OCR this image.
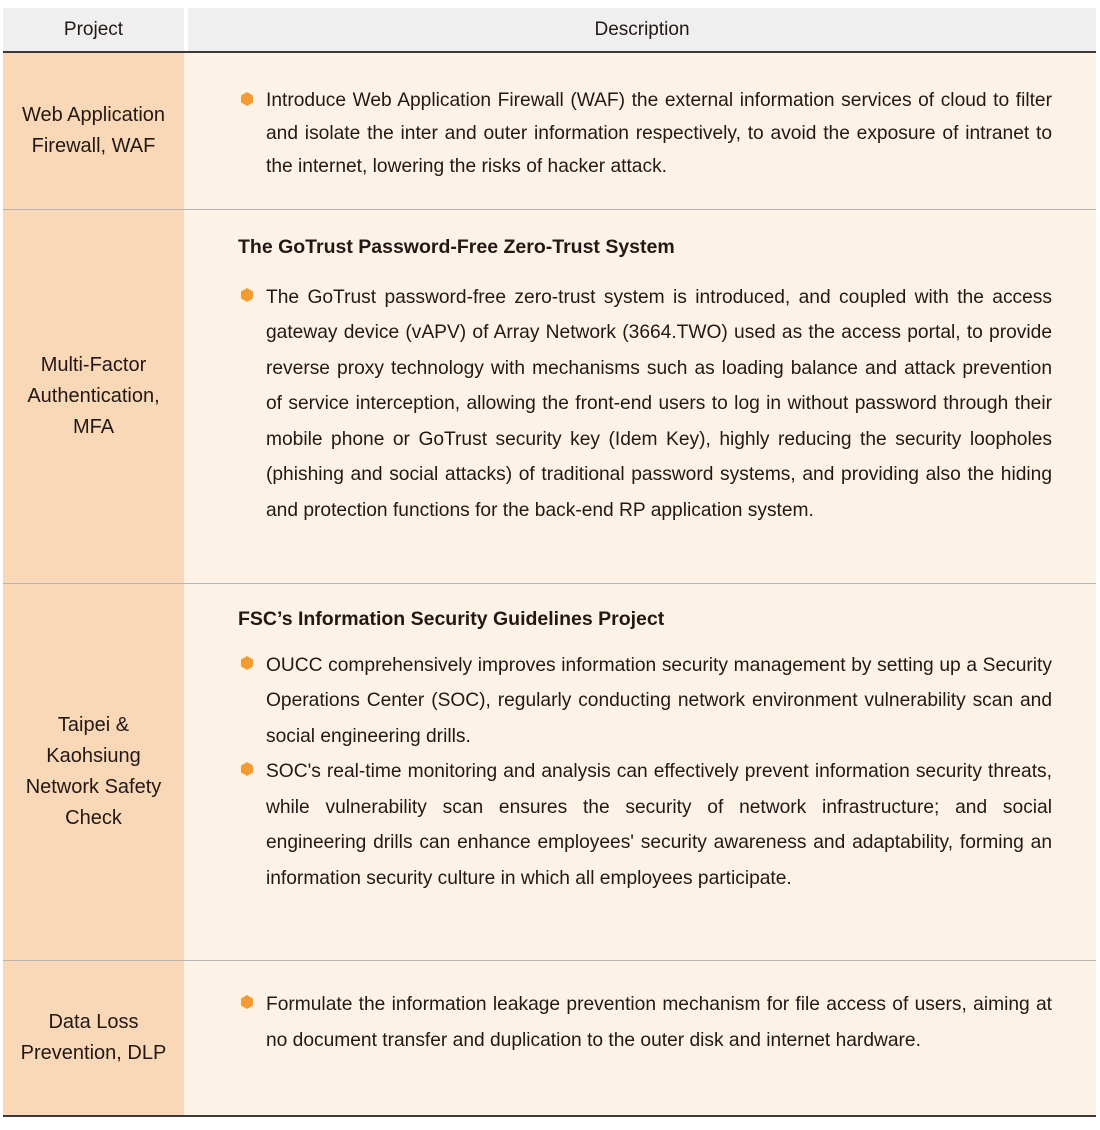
Project	Description
Web Application Firewall, WAF
Introduce Web Application Firewall (WAF) the external information services of cloud to filter and isolate the inter and outer information respectively, to avoid the exposure of intranet to the internet, lowering the risks of hacker attack.
Multi-Factor Authentication, MFA
The GoTrust Password-Free Zero-Trust System
The GoTrust password-free zero-trust system is introduced, and coupled with the access gateway device (vAPV) of Array Network (3664.TWO) used as the access portal, to provide reverse proxy technology with mechanisms such as loading balance and attack prevention of service interception, allowing the front-end users to log in without password through their mobile phone or GoTrust security key (Idem Key), highly reducing the security loopholes (phishing and social attacks) of traditional password systems, and providing also the hiding and protection functions for the back-end RP application system.
Taipei & Kaohsiung Network Safety Check
FSC’s Information Security Guidelines Project
OUCC comprehensively improves information security management by setting up a Security Operations Center (SOC), regularly conducting network environment vulnerability scan and social engineering drills.
SOC's real-time monitoring and analysis can effectively prevent information security threats, while vulnerability scan ensures the security of network infrastructure; and social engineering drills can enhance employees' security awareness and adaptability, forming an information security culture in which all employees participate.
Data Loss Prevention, DLP
Formulate the information leakage prevention mechanism for file access of users, aiming at no document transfer and duplication to the outer disk and internet hardware.
